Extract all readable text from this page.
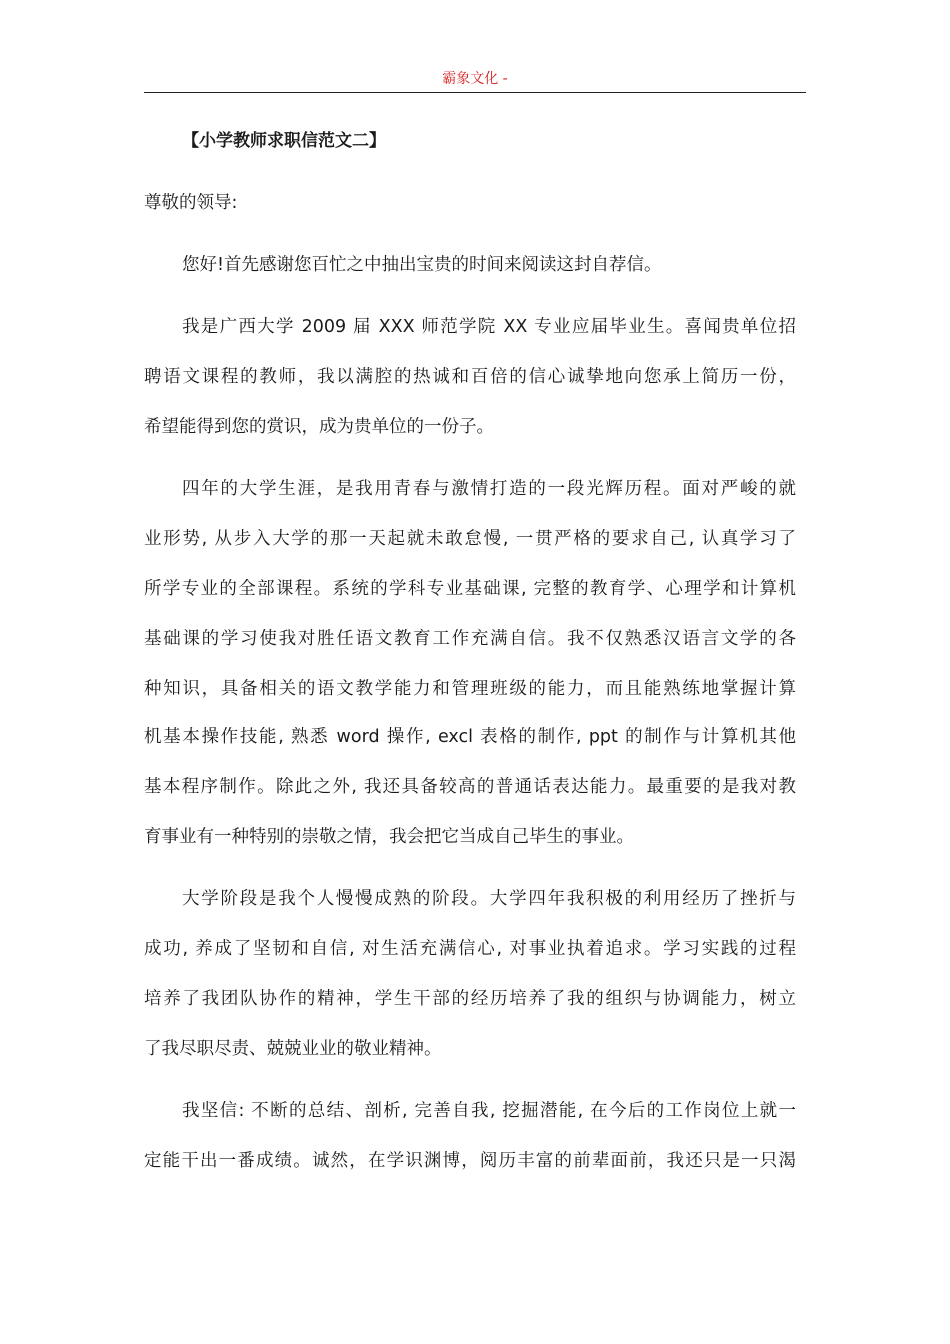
霸象文化 -
【小学教师求职信范文二】
尊敬的领导:
您好!首先感谢您百忙之中抽出宝贵的时间来阅读这封自荐信。
我是广西大学 2009 届 XXX 师范学院 XX 专业应届毕业生。喜闻贵单位招
聘语文课程的教师，我以满腔的热诚和百倍的信心诚挚地向您承上简历一份，
希望能得到您的赏识，成为贵单位的一份子。
四年的大学生涯，是我用青春与激情打造的一段光辉历程。面对严峻的就
业形势, 从步入大学的那一天起就未敢怠慢, 一贯严格的要求自己, 认真学习了
所学专业的全部课程。系统的学科专业基础课, 完整的教育学、心理学和计算机
基础课的学习使我对胜任语文教育工作充满自信。我不仅熟悉汉语言文学的各
种知识，具备相关的语文教学能力和管理班级的能力，而且能熟练地掌握计算
机基本操作技能, 熟悉 word 操作, excl 表格的制作, ppt 的制作与计算机其他
基本程序制作。除此之外, 我还具备较高的普通话表达能力。最重要的是我对教
育事业有一种特别的崇敬之情，我会把它当成自己毕生的事业。
大学阶段是我个人慢慢成熟的阶段。大学四年我积极的利用经历了挫折与
成功, 养成了坚韧和自信, 对生活充满信心, 对事业执着追求。学习实践的过程
培养了我团队协作的精神，学生干部的经历培养了我的组织与协调能力，树立
了我尽职尽责、兢兢业业的敬业精神。
我坚信: 不断的总结、剖析, 完善自我, 挖掘潜能, 在今后的工作岗位上就一
定能干出一番成绩。诚然，在学识渊博，阅历丰富的前辈面前，我还只是一只渴
